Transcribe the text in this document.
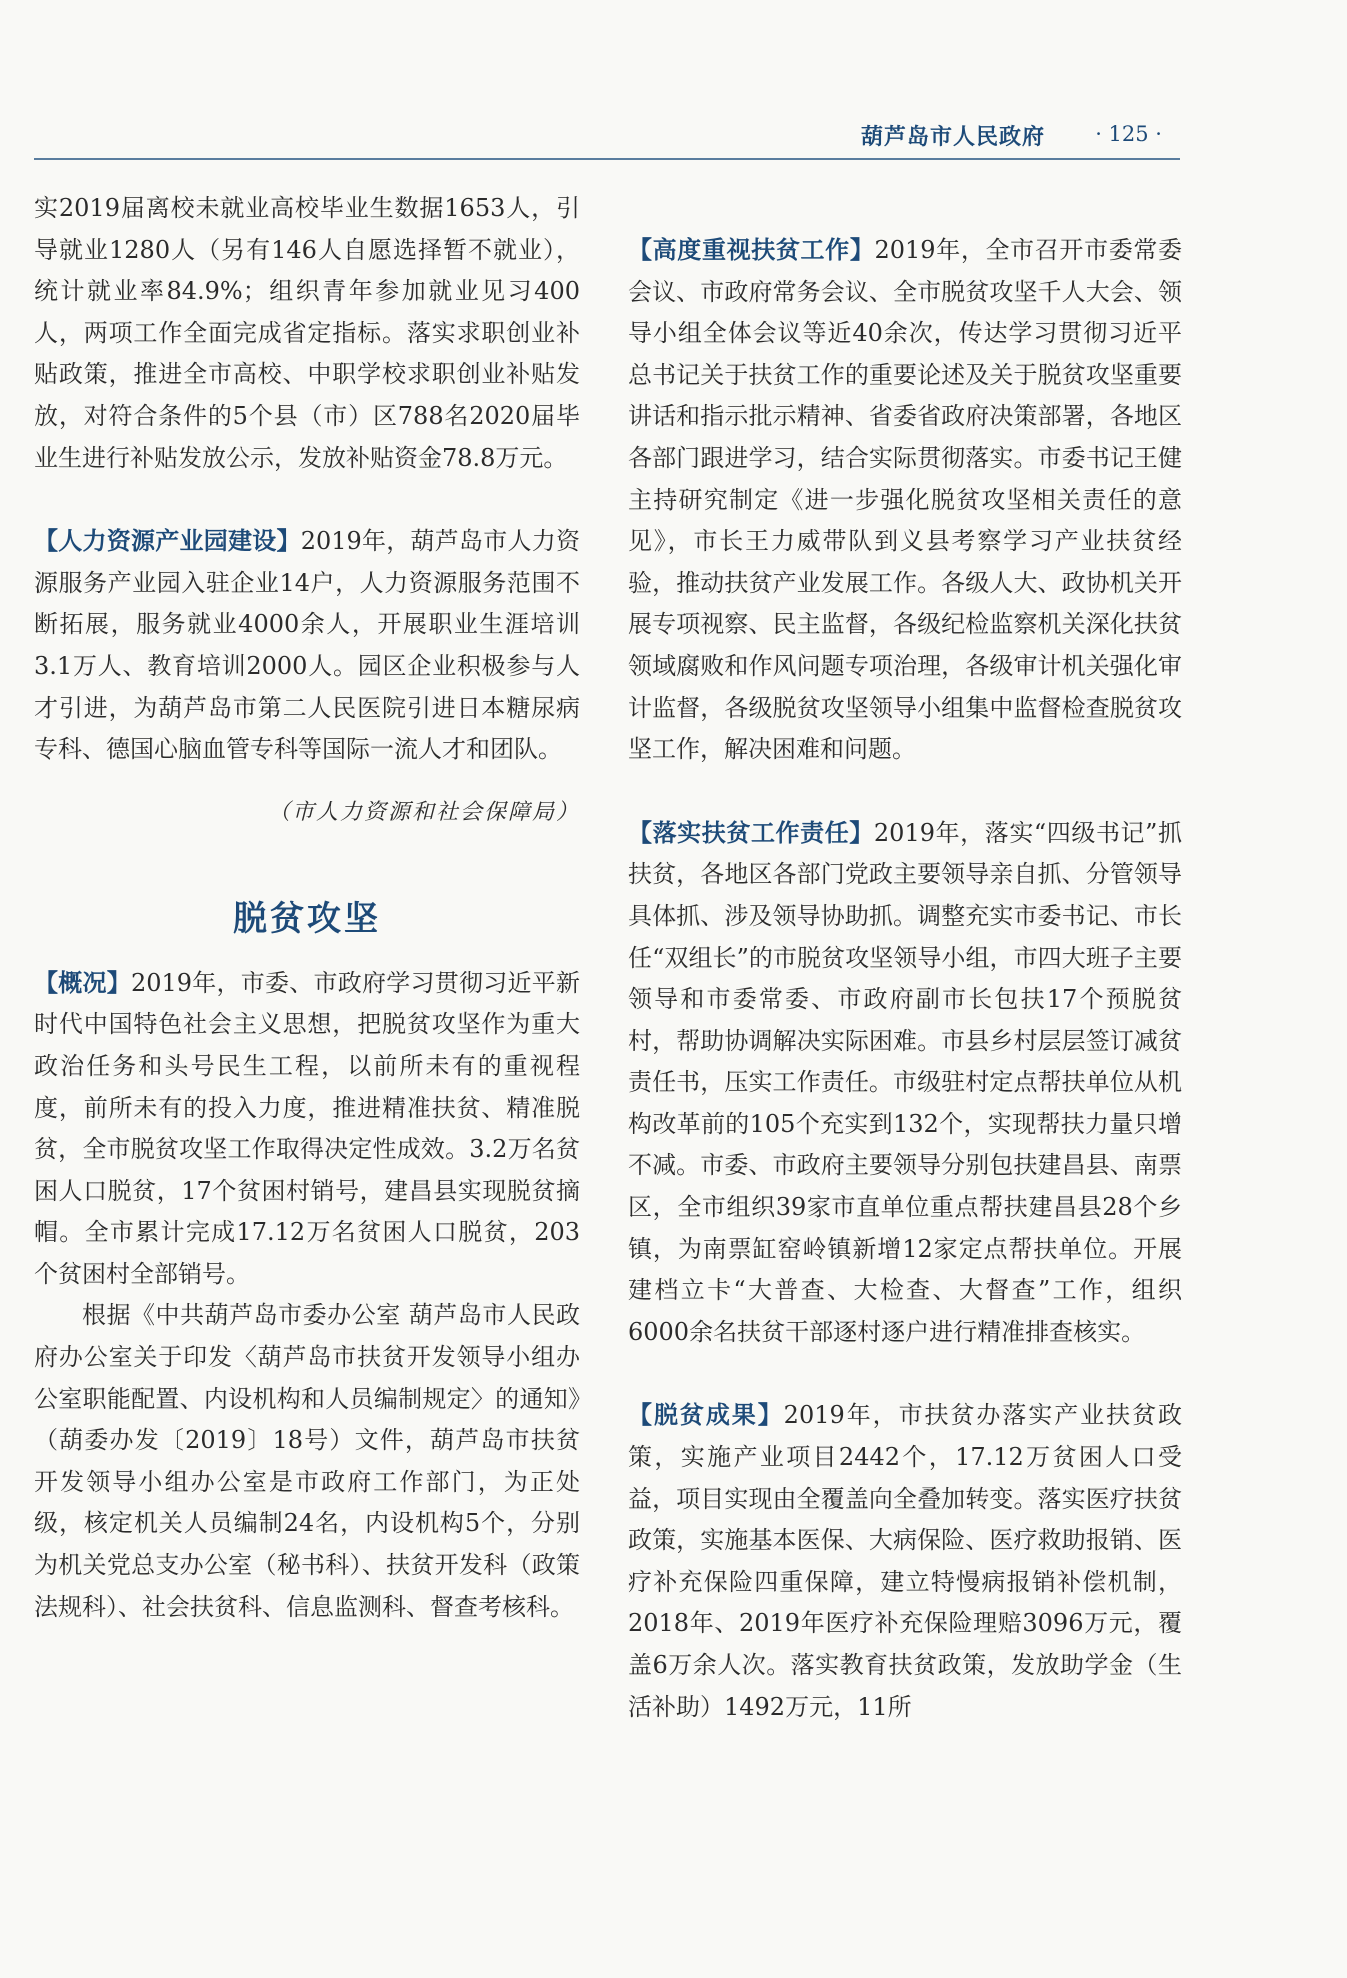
葫芦岛市人民政府 · 125 ·

实2019届离校未就业高校毕业生数据1653人，引导就业1280人（另有146人自愿选择暂不就业），统计就业率84.9%；组织青年参加就业见习400人，两项工作全面完成省定指标。落实求职创业补贴政策，推进全市高校、中职学校求职创业补贴发放，对符合条件的5个县（市）区788名2020届毕业生进行补贴发放公示，发放补贴资金78.8万元。

【人力资源产业园建设】2019年，葫芦岛市人力资源服务产业园入驻企业14户，人力资源服务范围不断拓展，服务就业4000余人，开展职业生涯培训3.1万人、教育培训2000人。园区企业积极参与人才引进，为葫芦岛市第二人民医院引进日本糖尿病专科、德国心脑血管专科等国际一流人才和团队。

（市人力资源和社会保障局）
脱贫攻坚

【概况】2019年，市委、市政府学习贯彻习近平新时代中国特色社会主义思想，把脱贫攻坚作为重大政治任务和头号民生工程，以前所未有的重视程度，前所未有的投入力度，推进精准扶贫、精准脱贫，全市脱贫攻坚工作取得决定性成效。3.2万名贫困人口脱贫，17个贫困村销号，建昌县实现脱贫摘帽。全市累计完成17.12万名贫困人口脱贫，203个贫困村全部销号。

根据《中共葫芦岛市委办公室 葫芦岛市人民政府办公室关于印发〈葫芦岛市扶贫开发领导小组办公室职能配置、内设机构和人员编制规定〉的通知》（葫委办发〔2019〕18号）文件，葫芦岛市扶贫开发领导小组办公室是市政府工作部门，为正处级，核定机关人员编制24名，内设机构5个，分别为机关党总支办公室（秘书科）、扶贫开发科（政策法规科）、社会扶贫科、信息监测科、督查考核科。

【高度重视扶贫工作】2019年，全市召开市委常委会议、市政府常务会议、全市脱贫攻坚千人大会、领导小组全体会议等近40余次，传达学习贯彻习近平总书记关于扶贫工作的重要论述及关于脱贫攻坚重要讲话和指示批示精神、省委省政府决策部署，各地区各部门跟进学习，结合实际贯彻落实。市委书记王健主持研究制定《进一步强化脱贫攻坚相关责任的意见》，市长王力威带队到义县考察学习产业扶贫经验，推动扶贫产业发展工作。各级人大、政协机关开展专项视察、民主监督，各级纪检监察机关深化扶贫领域腐败和作风问题专项治理，各级审计机关强化审计监督，各级脱贫攻坚领导小组集中监督检查脱贫攻坚工作，解决困难和问题。

【落实扶贫工作责任】2019年，落实“四级书记”抓扶贫，各地区各部门党政主要领导亲自抓、分管领导具体抓、涉及领导协助抓。调整充实市委书记、市长任“双组长”的市脱贫攻坚领导小组，市四大班子主要领导和市委常委、市政府副市长包扶17个预脱贫村，帮助协调解决实际困难。市县乡村层层签订减贫责任书，压实工作责任。市级驻村定点帮扶单位从机构改革前的105个充实到132个，实现帮扶力量只增不减。市委、市政府主要领导分别包扶建昌县、南票区，全市组织39家市直单位重点帮扶建昌县28个乡镇，为南票缸窑岭镇新增12家定点帮扶单位。开展建档立卡“大普查、大检查、大督查”工作，组织6000余名扶贫干部逐村逐户进行精准排查核实。

【脱贫成果】2019年，市扶贫办落实产业扶贫政策，实施产业项目2442个，17.12万贫困人口受益，项目实现由全覆盖向全叠加转变。落实医疗扶贫政策，实施基本医保、大病保险、医疗救助报销、医疗补充保险四重保障，建立特慢病报销补偿机制，2018年、2019年医疗补充保险理赔3096万元，覆盖6万余人次。落实教育扶贫政策，发放助学金（生活补助）1492万元，11所
